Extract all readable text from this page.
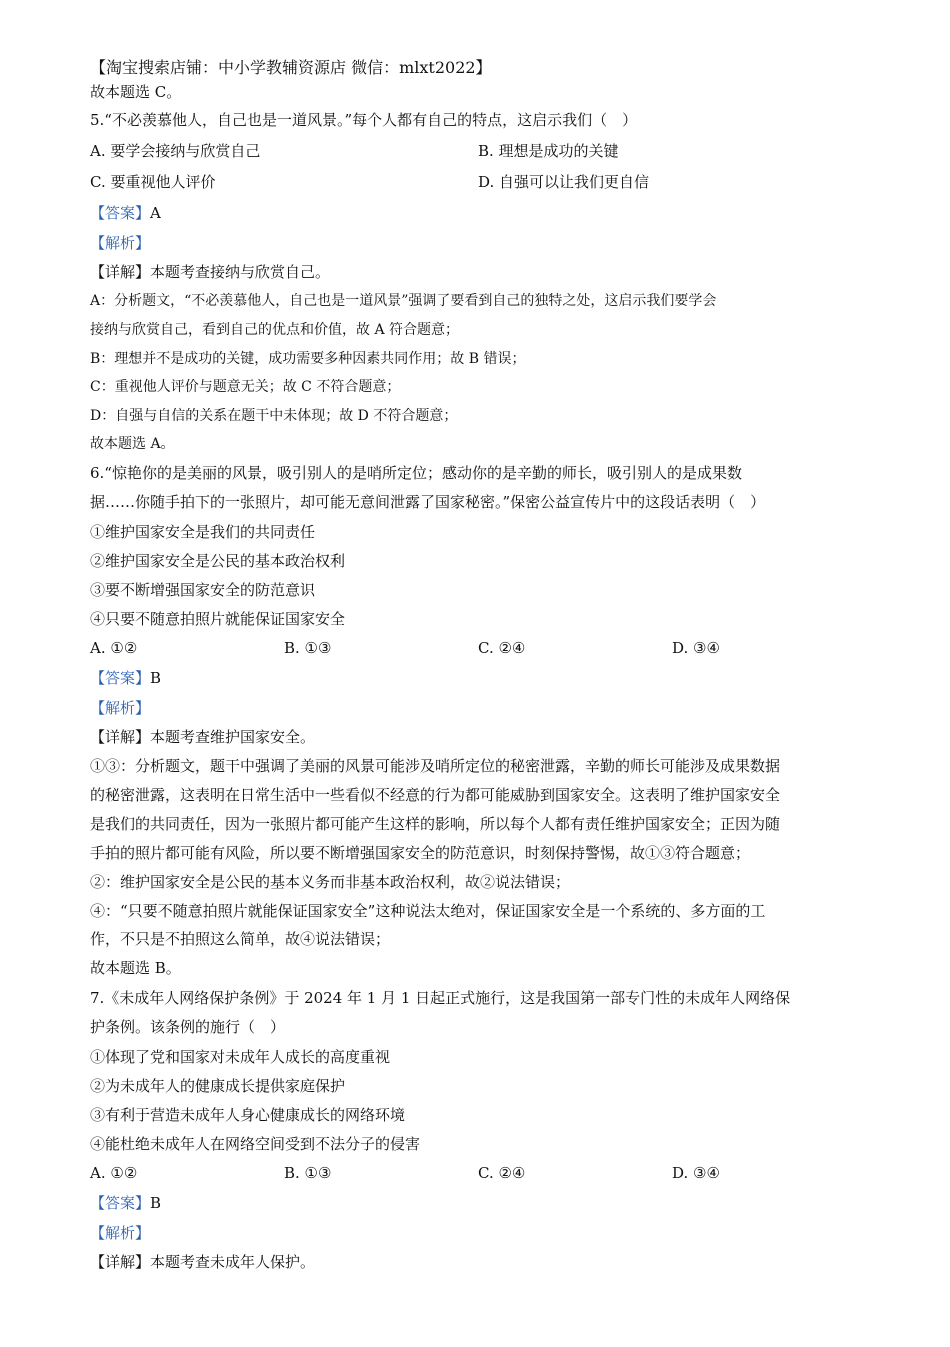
【淘宝搜索店铺：中小学教辅资源店 微信：mlxt2022】
故本题选 C。
5.“不必羡慕他人，自己也是一道风景。”每个人都有自己的特点，这启示我们（　）
A. 要学会接纳与欣赏自己	B. 理想是成功的关键
C. 要重视他人评价	D. 自强可以让我们更自信
【答案】A
【解析】
【详解】本题考查接纳与欣赏自己。
A：分析题文，“不必羡慕他人，自己也是一道风景”强调了要看到自己的独特之处，这启示我们要学会
接纳与欣赏自己，看到自己的优点和价值，故 A 符合题意；
B：理想并不是成功的关键，成功需要多种因素共同作用；故 B 错误；
C：重视他人评价与题意无关；故 C 不符合题意；
D：自强与自信的关系在题干中未体现；故 D 不符合题意；
故本题选 A。
6.“惊艳你的是美丽的风景，吸引别人的是哨所定位；感动你的是辛勤的师长，吸引别人的是成果数
据……你随手拍下的一张照片，却可能无意间泄露了国家秘密。”保密公益宣传片中的这段话表明（　）
①维护国家安全是我们的共同责任
②维护国家安全是公民的基本政治权利
③要不断增强国家安全的防范意识
④只要不随意拍照片就能保证国家安全
A. ①②	B. ①③	C. ②④	D. ③④
【答案】B
【解析】
【详解】本题考查维护国家安全。
①③：分析题文，题干中强调了美丽的风景可能涉及哨所定位的秘密泄露，辛勤的师长可能涉及成果数据
的秘密泄露，这表明在日常生活中一些看似不经意的行为都可能威胁到国家安全。这表明了维护国家安全
是我们的共同责任，因为一张照片都可能产生这样的影响，所以每个人都有责任维护国家安全；正因为随
手拍的照片都可能有风险，所以要不断增强国家安全的防范意识，时刻保持警惕，故①③符合题意；
②：维护国家安全是公民的基本义务而非基本政治权利，故②说法错误；
④：“只要不随意拍照片就能保证国家安全”这种说法太绝对，保证国家安全是一个系统的、多方面的工
作，不只是不拍照这么简单，故④说法错误；
故本题选 B。
7.《未成年人网络保护条例》于 2024 年 1 月 1 日起正式施行，这是我国第一部专门性的未成年人网络保
护条例。该条例的施行（　）
①体现了党和国家对未成年人成长的高度重视
②为未成年人的健康成长提供家庭保护
③有利于营造未成年人身心健康成长的网络环境
④能杜绝未成年人在网络空间受到不法分子的侵害
A. ①②	B. ①③	C. ②④	D. ③④
【答案】B
【解析】
【详解】本题考查未成年人保护。
